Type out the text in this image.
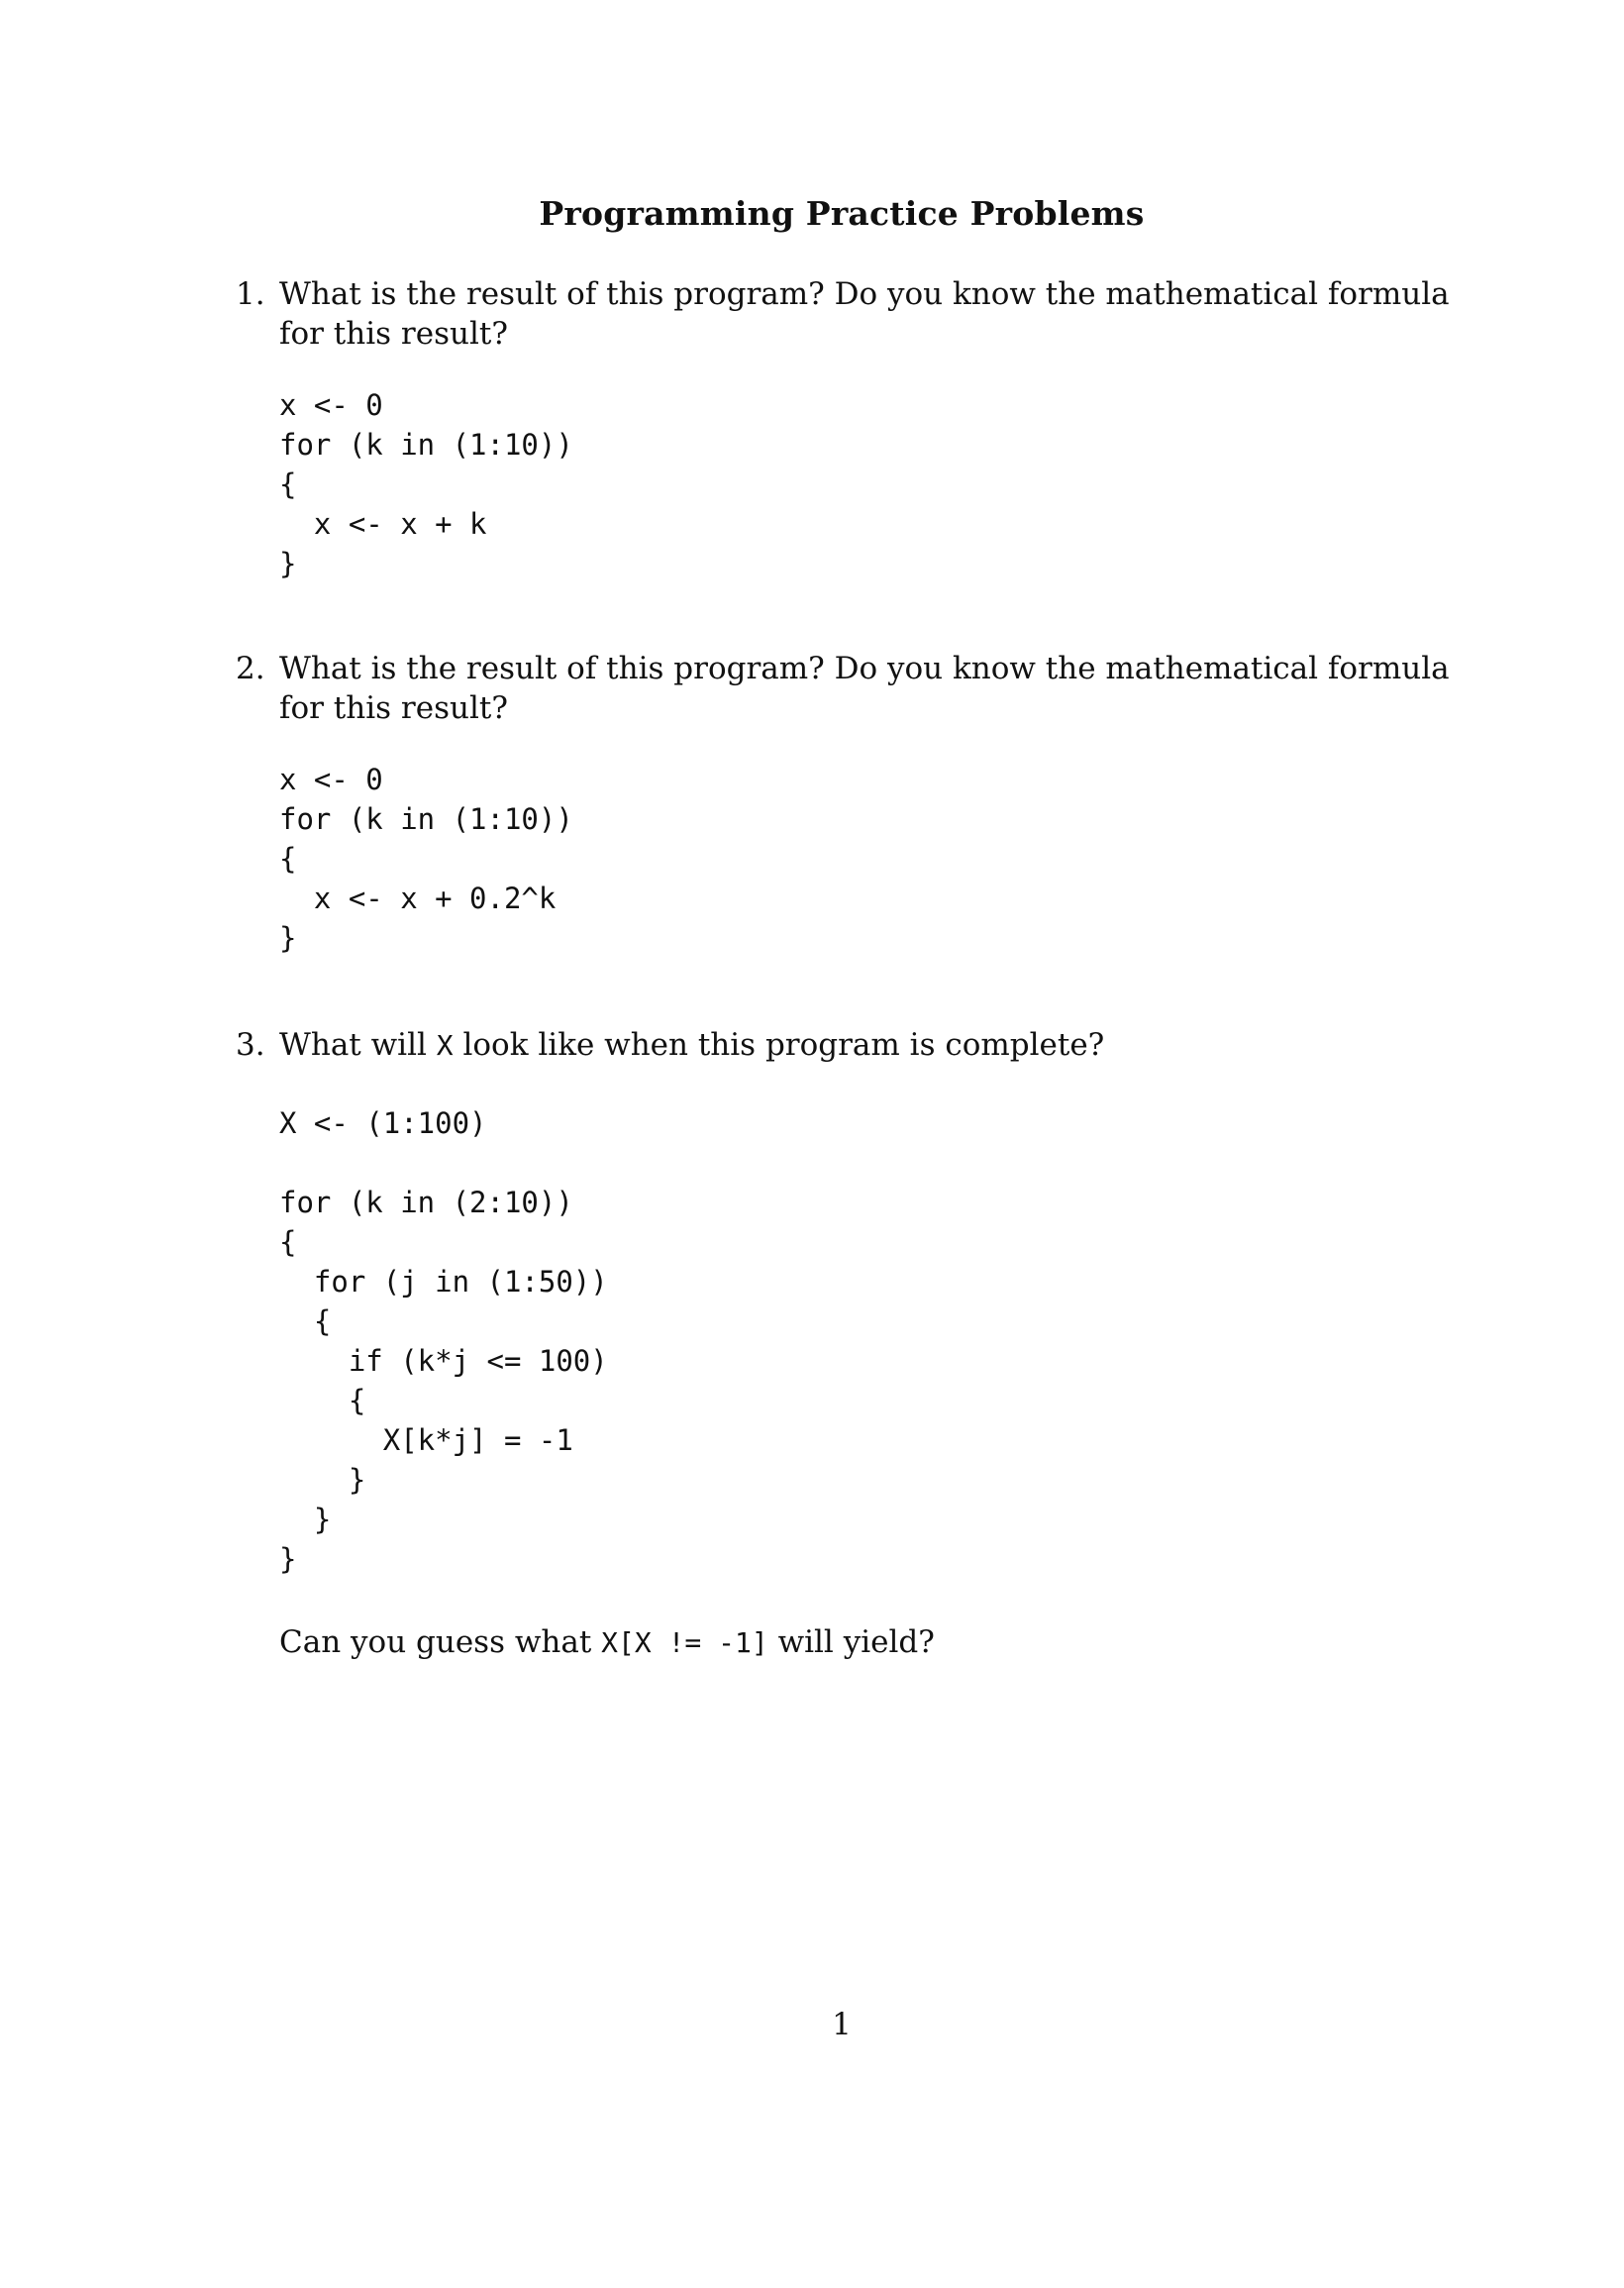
Programming Practice Problems
1. What is the result of this program? Do you know the mathematical formula for this result?
x <- 0
for (k in (1:10))
{
x <- x + k
}
2. What is the result of this program? Do you know the mathematical formula for this result?
x <- 0
for (k in (1:10))
{
x <- x + 0.2^k
}
3. What will X look like when this program is complete?
X <- (1:100)
for (k in (2:10))
{
for (j in (1:50))
{
if (k*j <= 100)
{
X[k*j] = -1
}
}
}
Can you guess what X[X != -1] will yield?
1
